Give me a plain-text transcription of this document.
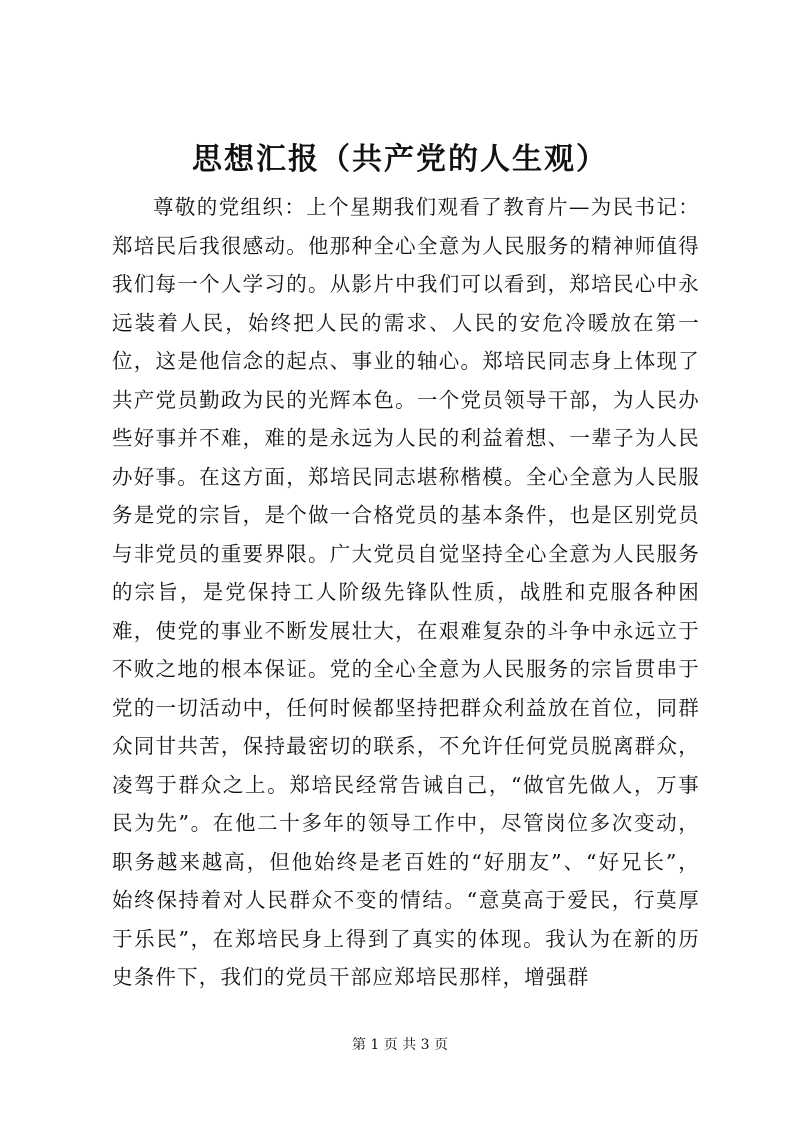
思想汇报（共产党的人生观）

尊敬的党组织：上个星期我们观看了教育片—为民书记：郑培民后我很感动。他那种全心全意为人民服务的精神师值得我们每一个人学习的。从影片中我们可以看到，郑培民心中永远装着人民，始终把人民的需求、人民的安危冷暖放在第一位，这是他信念的起点、事业的轴心。郑培民同志身上体现了共产党员勤政为民的光辉本色。一个党员领导干部，为人民办些好事并不难，难的是永远为人民的利益着想、一辈子为人民办好事。在这方面，郑培民同志堪称楷模。全心全意为人民服务是党的宗旨，是个做一合格党员的基本条件，也是区别党员与非党员的重要界限。广大党员自觉坚持全心全意为人民服务的宗旨，是党保持工人阶级先锋队性质，战胜和克服各种困难，使党的事业不断发展壮大，在艰难复杂的斗争中永远立于不败之地的根本保证。党的全心全意为人民服务的宗旨贯串于党的一切活动中，任何时候都坚持把群众利益放在首位，同群众同甘共苦，保持最密切的联系，不允许任何党员脱离群众，凌驾于群众之上。郑培民经常告诫自己，“做官先做人，万事民为先”。在他二十多年的领导工作中，尽管岗位多次变动，职务越来越高，但他始终是老百姓的“好朋友”、“好兄长”，始终保持着对人民群众不变的情结。“意莫高于爱民，行莫厚于乐民”，在郑培民身上得到了真实的体现。我认为在新的历史条件下，我们的党员干部应郑培民那样，增强群

第 1 页 共 3 页
